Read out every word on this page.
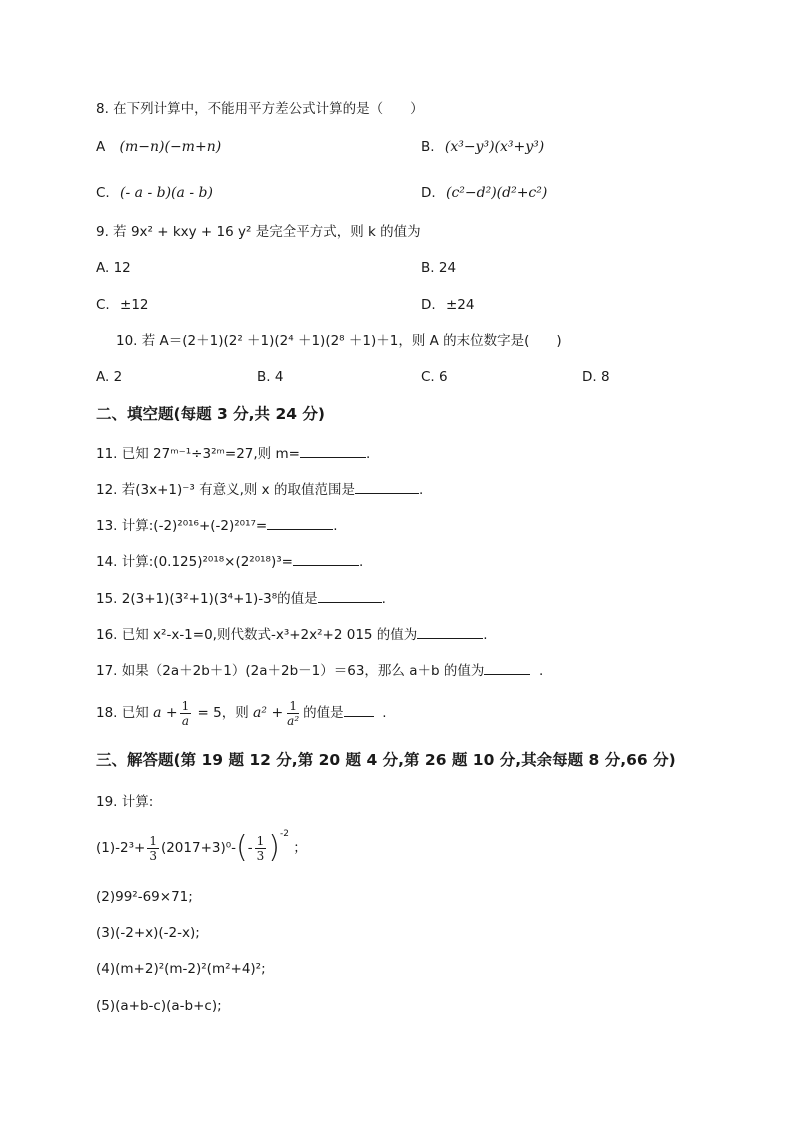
8. 在下列计算中，不能用平方差公式计算的是（　　）
A (m−n)(−m+n)	B. (x³−y³)(x³+y³)
C. (- a - b)(a - b)	D. (c²−d²)(d²+c²)
9. 若 9x² + kxy + 16 y² 是完全平方式，则 k 的值为
A. 12	B. 24
C. ±12	D. ±24
10. 若 A＝(2＋1)(2² ＋1)(2⁴ ＋1)(2⁸ ＋1)＋1，则 A 的末位数字是(　　)
A. 2	B. 4	C. 6	D. 8
二、填空题(每题 3 分,共 24 分)
11. 已知 27ᵐ⁻¹÷3²ᵐ=27,则 m=	.
12. 若(3x+1)⁻³ 有意义,则 x 的取值范围是	.
13. 计算:(-2)²⁰¹⁶+(-2)²⁰¹⁷=	.
14. 计算:(0.125)²⁰¹⁸×(2²⁰¹⁸)³=	.
15. 2(3+1)(3²+1)(3⁴+1)-3⁸的值是	.
16. 已知 x²-x-1=0,则代数式-x³+2x²+2 015 的值为	.
17. 如果（2a＋2b＋1）(2a＋2b－1）＝63，那么 a＋b 的值为	.
18. 已知 $a + \frac{1}{a} = 5$，则 $a^2 + \frac{1}{\text{a²}}$ 的值是  .
三、解答题(第 19 题 12 分,第 20 题 4 分,第 26 题 10 分,其余每题 8 分,66 分)
19. 计算:
$(1)-2^3+ \frac{1}{3} (2017+3)^0-(- \frac{1}{3} )^{-2}$ ；
(2)99²-69×71;
(3)(-2+x)(-2-x);
(4)(m+2)²(m-2)²(m²+4)²;
(5)(a+b-c)(a-b+c);
